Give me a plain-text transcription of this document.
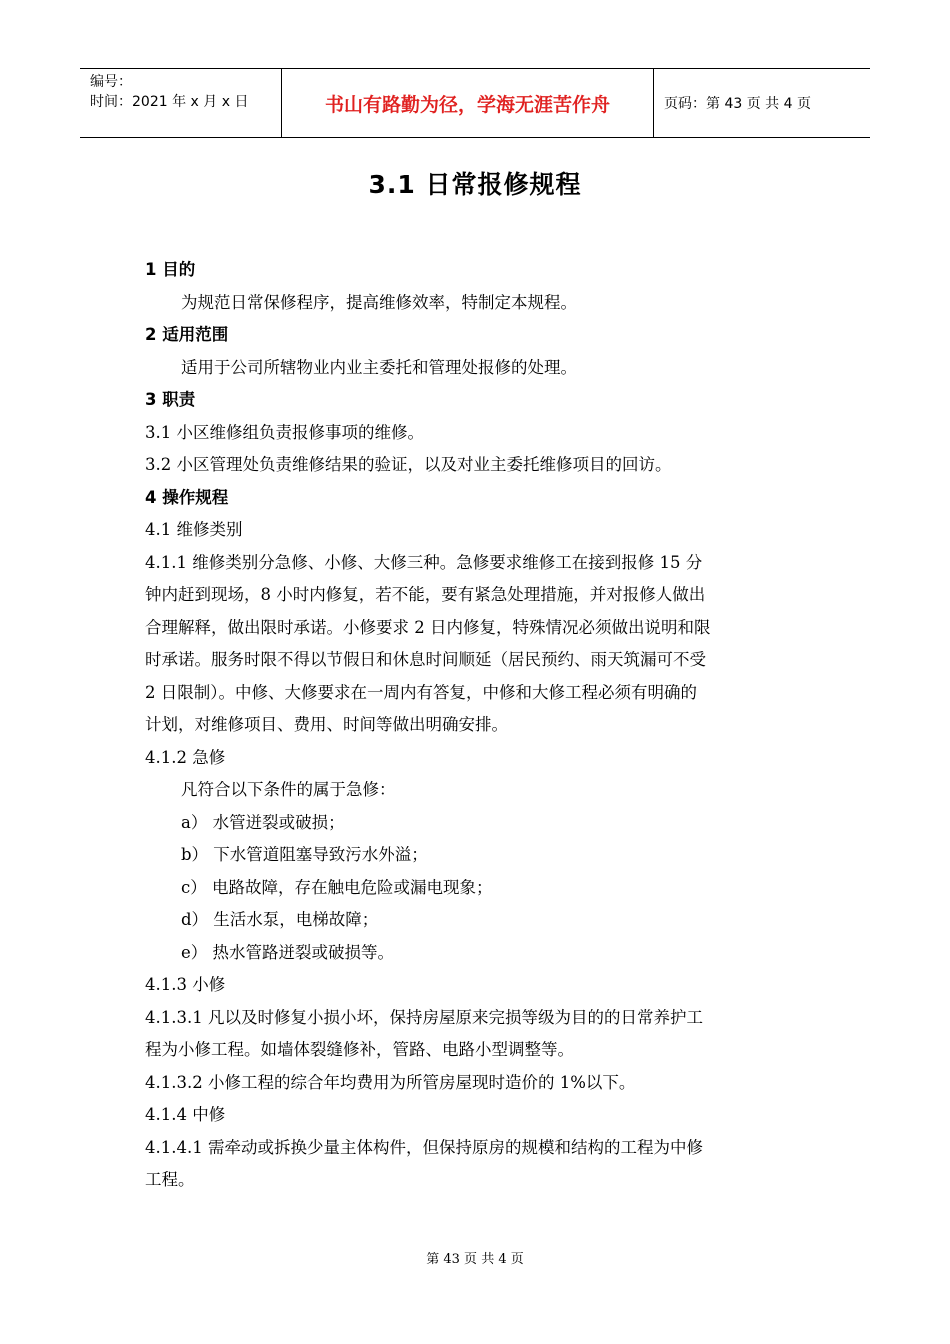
编号：
时间：2021 年 x 月 x 日	书山有路勤为径，学海无涯苦作舟	页码：第 43 页 共 4 页
3.1 日常报修规程
1 目的
为规范日常保修程序，提高维修效率，特制定本规程。
2 适用范围
适用于公司所辖物业内业主委托和管理处报修的处理。
3 职责
3.1 小区维修组负责报修事项的维修。
3.2 小区管理处负责维修结果的验证，以及对业主委托维修项目的回访。
4 操作规程
4.1 维修类别
4.1.1 维修类别分急修、小修、大修三种。急修要求维修工在接到报修 15 分
钟内赶到现场，8 小时内修复，若不能，要有紧急处理措施，并对报修人做出
合理解释，做出限时承诺。小修要求 2 日内修复，特殊情况必须做出说明和限
时承诺。服务时限不得以节假日和休息时间顺延（居民预约、雨天筑漏可不受
2 日限制）。中修、大修要求在一周内有答复，中修和大修工程必须有明确的
计划，对维修项目、费用、时间等做出明确安排。
4.1.2 急修
凡符合以下条件的属于急修：
a） 水管迸裂或破损；
b） 下水管道阻塞导致污水外溢；
c） 电路故障，存在触电危险或漏电现象；
d） 生活水泵，电梯故障；
e） 热水管路迸裂或破损等。
4.1.3 小修
4.1.3.1 凡以及时修复小损小坏，保持房屋原来完损等级为目的的日常养护工
程为小修工程。如墙体裂缝修补，管路、电路小型调整等。
4.1.3.2 小修工程的综合年均费用为所管房屋现时造价的 1%以下。
4.1.4 中修
4.1.4.1 需牵动或拆换少量主体构件，但保持原房的规模和结构的工程为中修
工程。
第 43 页 共 4 页
